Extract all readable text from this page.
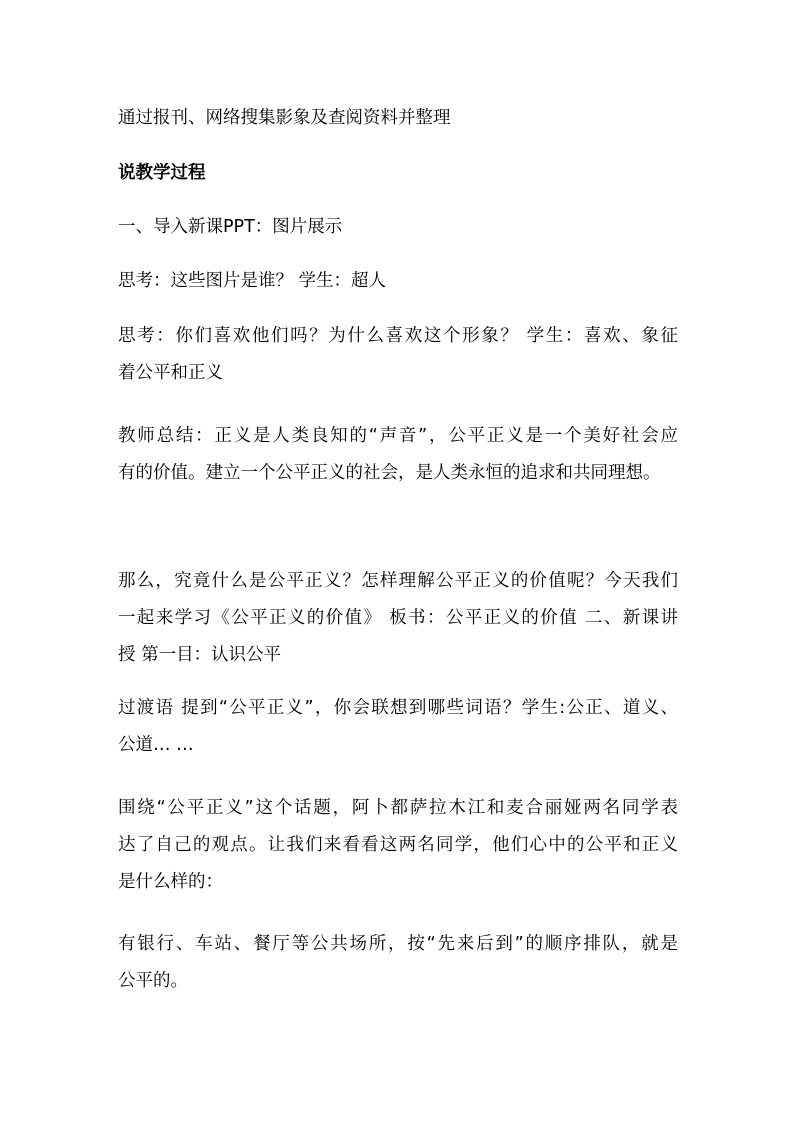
通过报刊、网络搜集影象及查阅资料并整理
说教学过程
一、导入新课PPT：图片展示
思考：这些图片是谁？ 学生：超人
思考：你们喜欢他们吗？为什么喜欢这个形象？ 学生：喜欢、象征
着公平和正义
教师总结：正义是人类良知的“声音”，公平正义是一个美好社会应
有的价值。建立一个公平正义的社会，是人类永恒的追求和共同理想。
那么，究竟什么是公平正义？怎样理解公平正义的价值呢？今天我们
一起来学习《公平正义的价值》 板书：公平正义的价值 二、新课讲
授 第一目：认识公平
过渡语 提到“公平正义”，你会联想到哪些词语？学生:公正、道义、
公道… …
围绕“公平正义”这个话题，阿卜都萨拉木江和麦合丽娅两名同学表
达了自己的观点。让我们来看看这两名同学，他们心中的公平和正义
是什么样的：
有银行、车站、餐厅等公共场所，按“先来后到”的顺序排队，就是
公平的。
